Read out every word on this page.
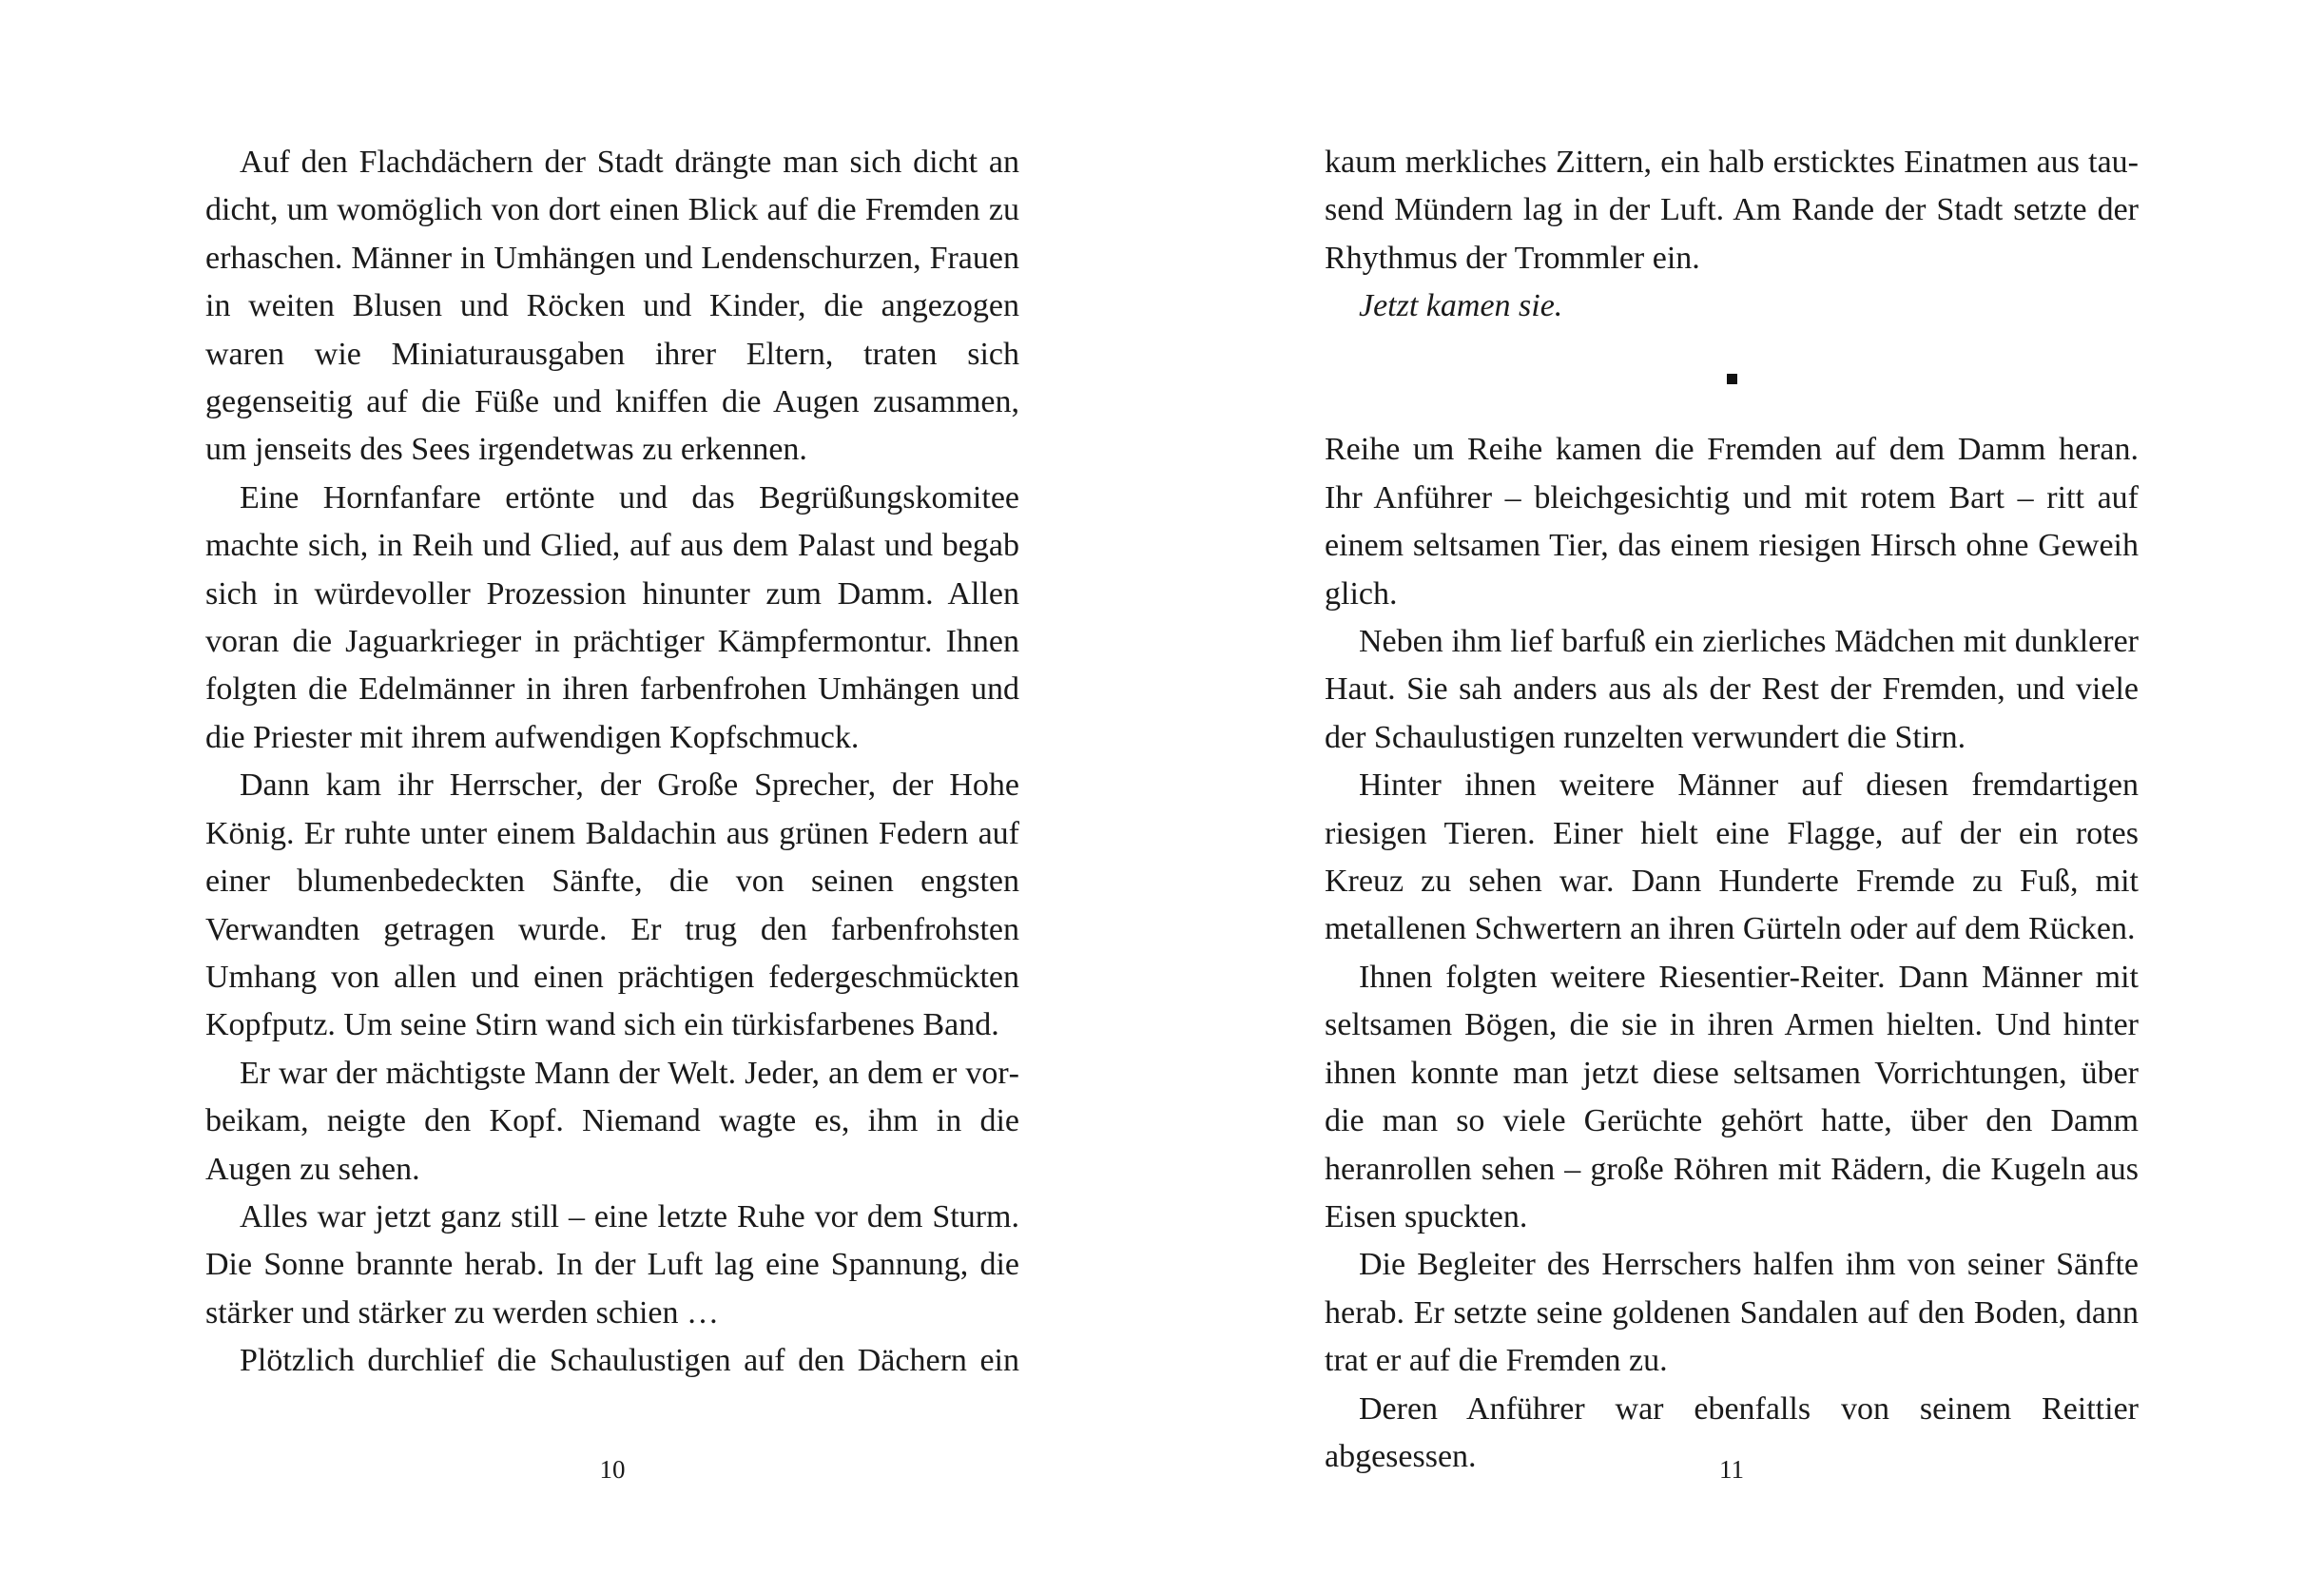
Auf den Flachdächern der Stadt drängte man sich dicht an dicht, um womöglich von dort einen Blick auf die Fremden zu erhaschen. Männer in Umhängen und Lendenschurzen, Frauen in weiten Blusen und Röcken und Kinder, die angezogen waren wie Miniaturausgaben ihrer Eltern, traten sich gegenseitig auf die Füße und kniffen die Augen zusammen, um jenseits des Sees irgendetwas zu erkennen.

Eine Hornfanfare ertönte und das Begrüßungskomitee machte sich, in Reih und Glied, auf aus dem Palast und begab sich in würdevoller Prozession hinunter zum Damm. Allen voran die Jaguarkrieger in prächtiger Kämpfermontur. Ihnen folgten die Edelmänner in ihren farbenfrohen Umhängen und die Priester mit ihrem aufwendigen Kopfschmuck.

Dann kam ihr Herrscher, der Große Sprecher, der Hohe König. Er ruhte unter einem Baldachin aus grünen Federn auf einer blumenbedeckten Sänfte, die von seinen engsten Verwandten getragen wurde. Er trug den farbenfrohsten Umhang von allen und einen prächtigen federgeschmückten Kopfputz. Um seine Stirn wand sich ein türkisfarbenes Band.

Er war der mächtigste Mann der Welt. Jeder, an dem er vorbeikam, neigte den Kopf. Niemand wagte es, ihm in die Augen zu sehen.

Alles war jetzt ganz still – eine letzte Ruhe vor dem Sturm. Die Sonne brannte herab. In der Luft lag eine Spannung, die stärker und stärker zu werden schien …

Plötzlich durchlief die Schaulustigen auf den Dächern ein

10

kaum merkliches Zittern, ein halb ersticktes Einatmen aus tausend Mündern lag in der Luft. Am Rande der Stadt setzte der Rhythmus der Trommler ein.

Jetzt kamen sie.

Reihe um Reihe kamen die Fremden auf dem Damm heran. Ihr Anführer – bleichgesichtig und mit rotem Bart – ritt auf einem seltsamen Tier, das einem riesigen Hirsch ohne Geweih glich.

Neben ihm lief barfuß ein zierliches Mädchen mit dunklerer Haut. Sie sah anders aus als der Rest der Fremden, und viele der Schaulustigen runzelten verwundert die Stirn.

Hinter ihnen weitere Männer auf diesen fremdartigen riesigen Tieren. Einer hielt eine Flagge, auf der ein rotes Kreuz zu sehen war. Dann Hunderte Fremde zu Fuß, mit metallenen Schwertern an ihren Gürteln oder auf dem Rücken.

Ihnen folgten weitere Riesentier-Reiter. Dann Männer mit seltsamen Bögen, die sie in ihren Armen hielten. Und hinter ihnen konnte man jetzt diese seltsamen Vorrichtungen, über die man so viele Gerüchte gehört hatte, über den Damm heranrollen sehen – große Röhren mit Rädern, die Kugeln aus Eisen spuckten.

Die Begleiter des Herrschers halfen ihm von seiner Sänfte herab. Er setzte seine goldenen Sandalen auf den Boden, dann trat er auf die Fremden zu.

Deren Anführer war ebenfalls von seinem Reittier abgesessen.	11
